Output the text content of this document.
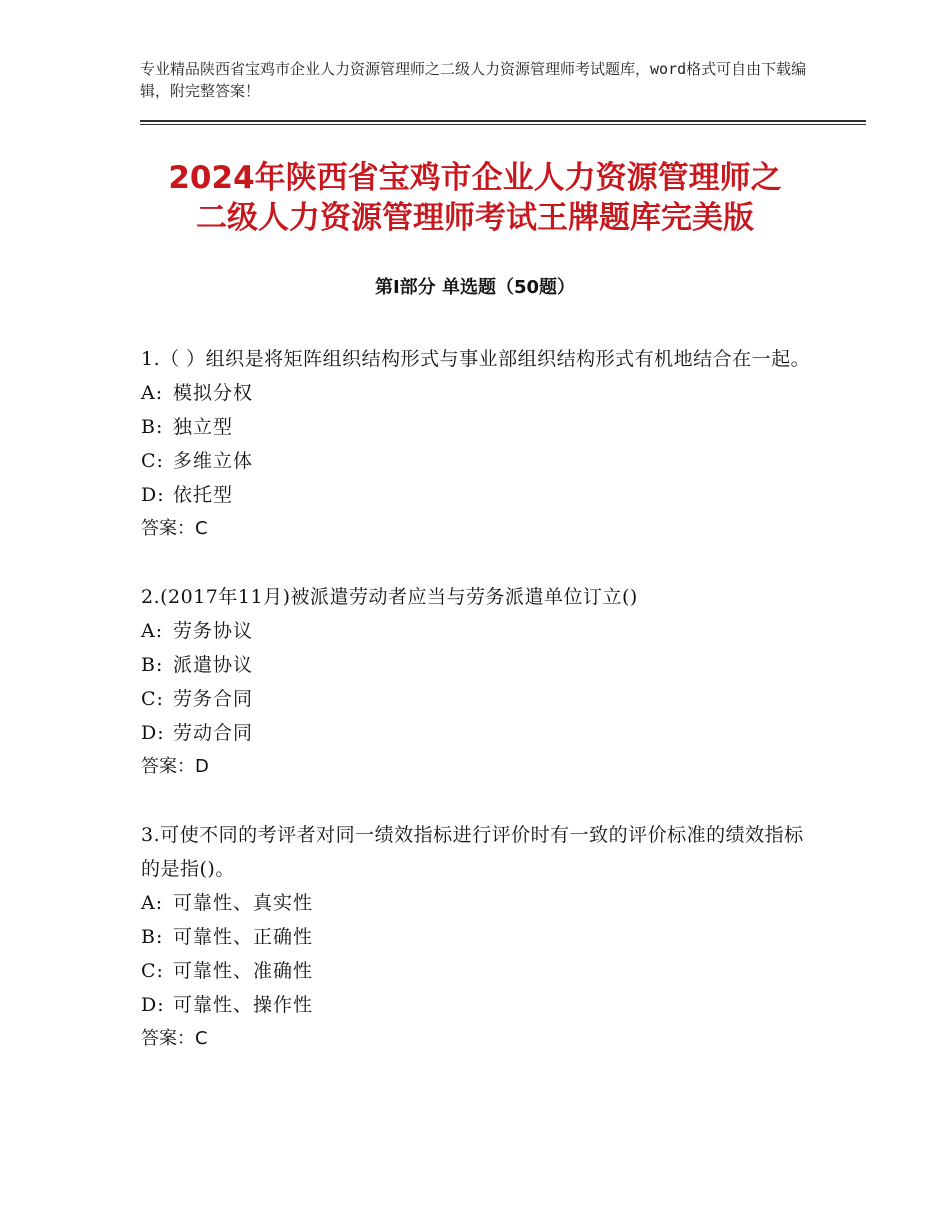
专业精品陕西省宝鸡市企业人力资源管理师之二级人力资源管理师考试题库，word格式可自由下载编辑，附完整答案！
2024年陕西省宝鸡市企业人力资源管理师之
二级人力资源管理师考试王牌题库完美版
第Ⅰ部分 单选题（50题）
1.（ ）组织是将矩阵组织结构形式与事业部组织结构形式有机地结合在一起。
A: 模拟分权
B: 独立型
C: 多维立体
D: 依托型
答案：C
2.(2017年11月)被派遣劳动者应当与劳务派遣单位订立()
A: 劳务协议
B: 派遣协议
C: 劳务合同
D: 劳动合同
答案：D
3.可使不同的考评者对同一绩效指标进行评价时有一致的评价标准的绩效指标的是指()。
A: 可靠性、真实性
B: 可靠性、正确性
C: 可靠性、准确性
D: 可靠性、操作性
答案：C
